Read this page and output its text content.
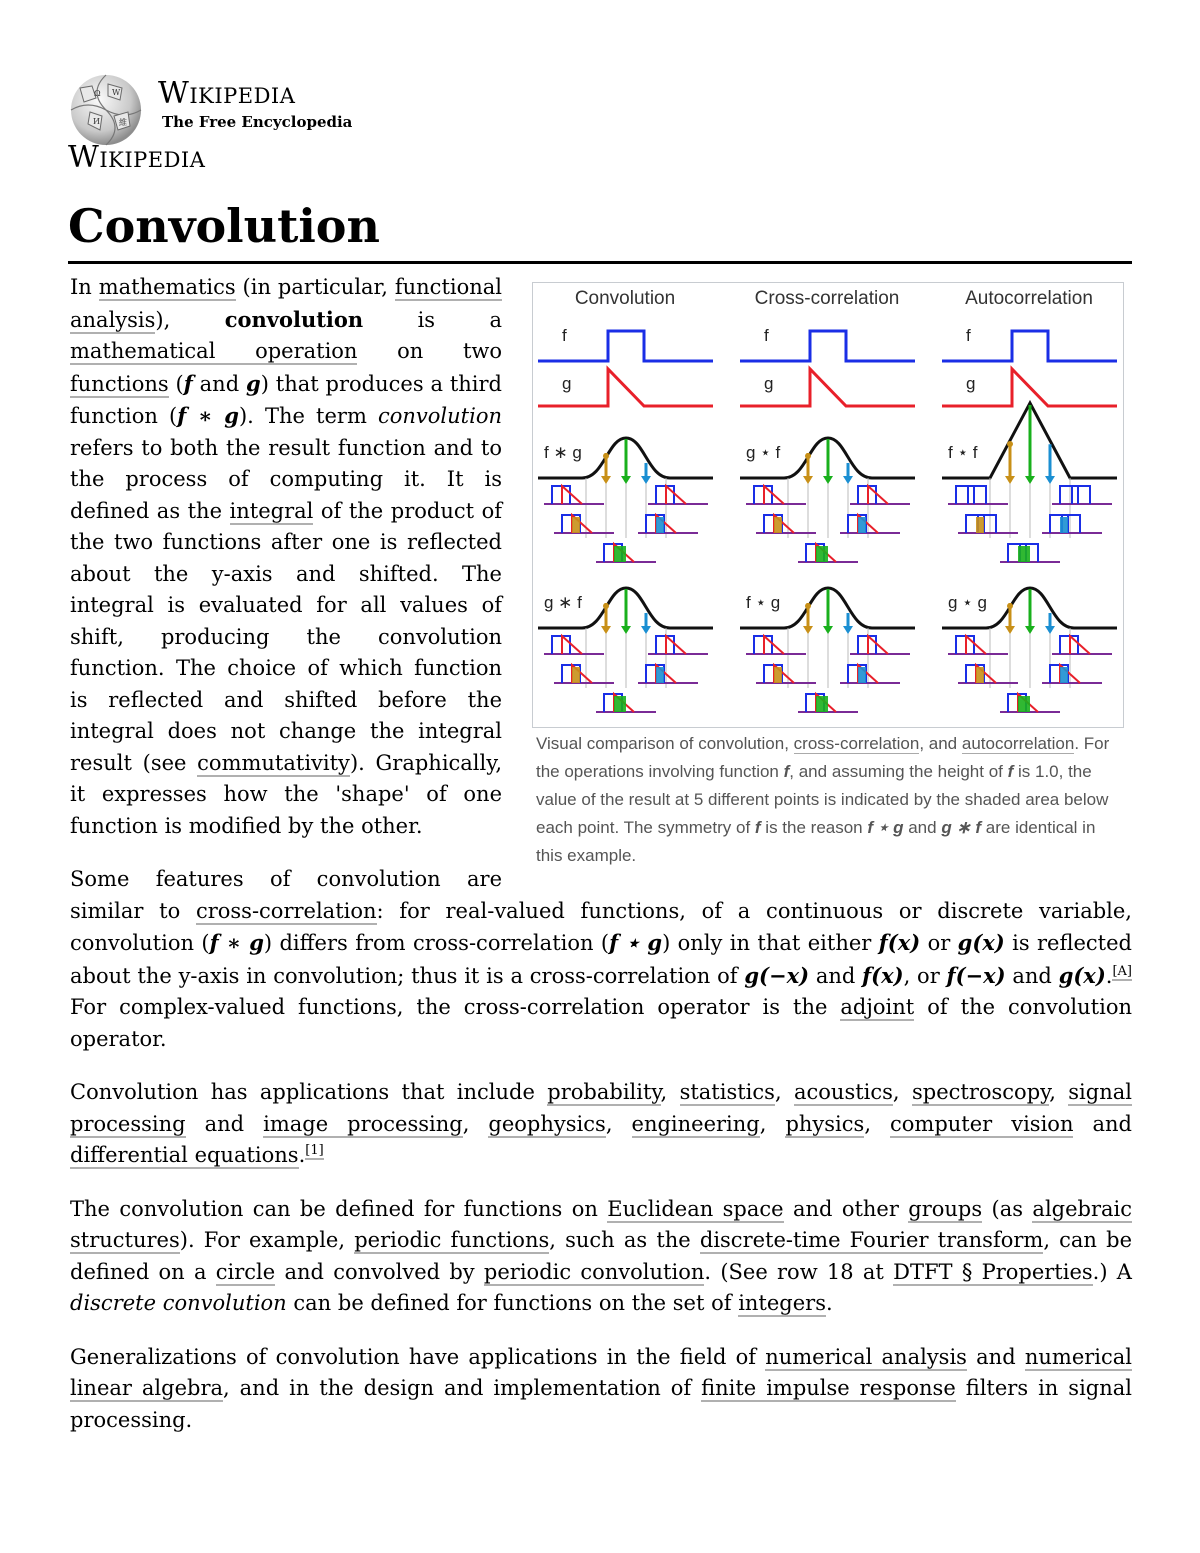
Ω W
И 維
Wikipedia
The Free Encyclopedia
Wikipedia
Convolution
Convolution	Cross-correlation	Autocorrelation
f
g
f ∗ g
g ∗ f
f
g
g ⋆ f
f ⋆ g
f
g
f ⋆ f
g ⋆ g
Visual comparison of convolution, cross-correlation, and autocorrelation. For the operations involving function f, and assuming the height of f is 1.0, the value of the result at 5 different points is indicated by the shaded area below each point. The symmetry of f is the reason f ⋆ g and g ∗ f are identical in this example.

In mathematics (in particular, functional analysis), convolution is a mathematical operation on two functions (f and g) that produces a third function (f ∗ g). The term convolution refers to both the result function and to the process of computing it. It is defined as the integral of the product of the two functions after one is reflected about the y-axis and shifted. The integral is evaluated for all values of shift, producing the convolution function. The choice of which function is reflected and shifted before the integral does not change the integral result (see commutativity). Graphically, it expresses how the 'shape' of one function is modified by the other.

Some features of convolution are similar to cross-correlation: for real-valued functions, of a continuous or discrete variable, convolution (f ∗ g) differs from cross-correlation (f ⋆ g) only in that either f(x) or g(x) is reflected about the y-axis in convolution; thus it is a cross-correlation of g(−x) and f(x), or f(−x) and g(x).[A] For complex-valued functions, the cross-correlation operator is the adjoint of the convolution operator.

Convolution has applications that include probability, statistics, acoustics, spectroscopy, signal processing and image processing, geophysics, engineering, physics, computer vision and differential equations.[1]

The convolution can be defined for functions on Euclidean space and other groups (as algebraic structures). For example, periodic functions, such as the discrete-time Fourier transform, can be defined on a circle and convolved by periodic convolution. (See row 18 at DTFT § Properties.) A discrete convolution can be defined for functions on the set of integers.

Generalizations of convolution have applications in the field of numerical analysis and numerical linear algebra, and in the design and implementation of finite impulse response filters in signal processing.
